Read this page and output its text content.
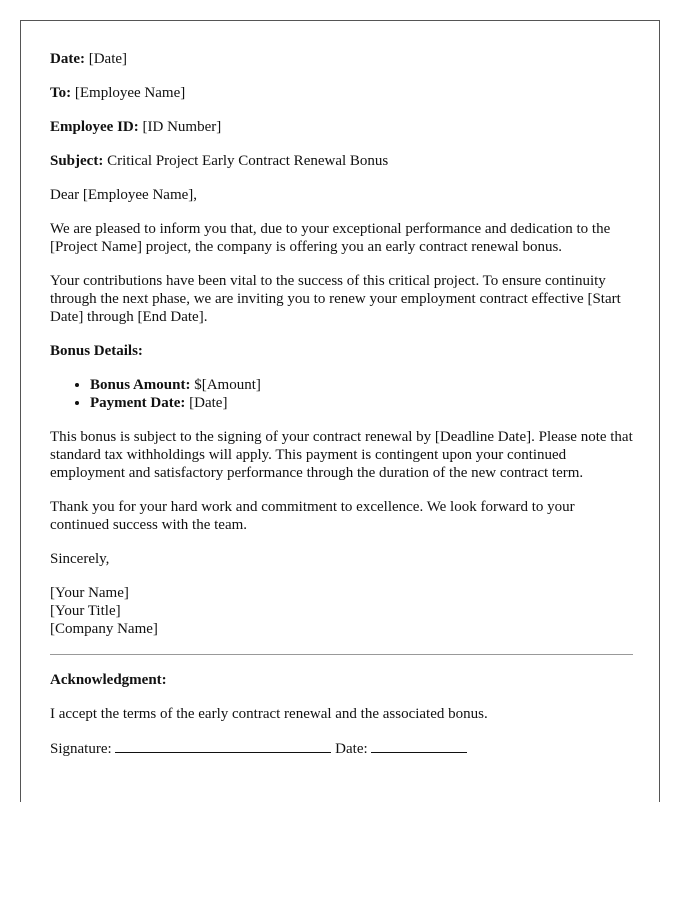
Date: [Date]

To: [Employee Name]

Employee ID: [ID Number]

Subject: Critical Project Early Contract Renewal Bonus

Dear [Employee Name],

We are pleased to inform you that, due to your exceptional performance and dedication to the [Project Name] project, the company is offering you an early contract renewal bonus.

Your contributions have been vital to the success of this critical project. To ensure continuity through the next phase, we are inviting you to renew your employment contract effective [Start Date] through [End Date].

Bonus Details:

• Bonus Amount: $[Amount]
• Payment Date: [Date]

This bonus is subject to the signing of your contract renewal by [Deadline Date]. Please note that standard tax withholdings will apply. This payment is contingent upon your continued employment and satisfactory performance through the duration of the new contract term.

Thank you for your hard work and commitment to excellence. We look forward to your continued success with the team.

Sincerely,

[Your Name]

[Your Title]

[Company Name]

Acknowledgment:

I accept the terms of the early contract renewal and the associated bonus.

Signature:	Date:
